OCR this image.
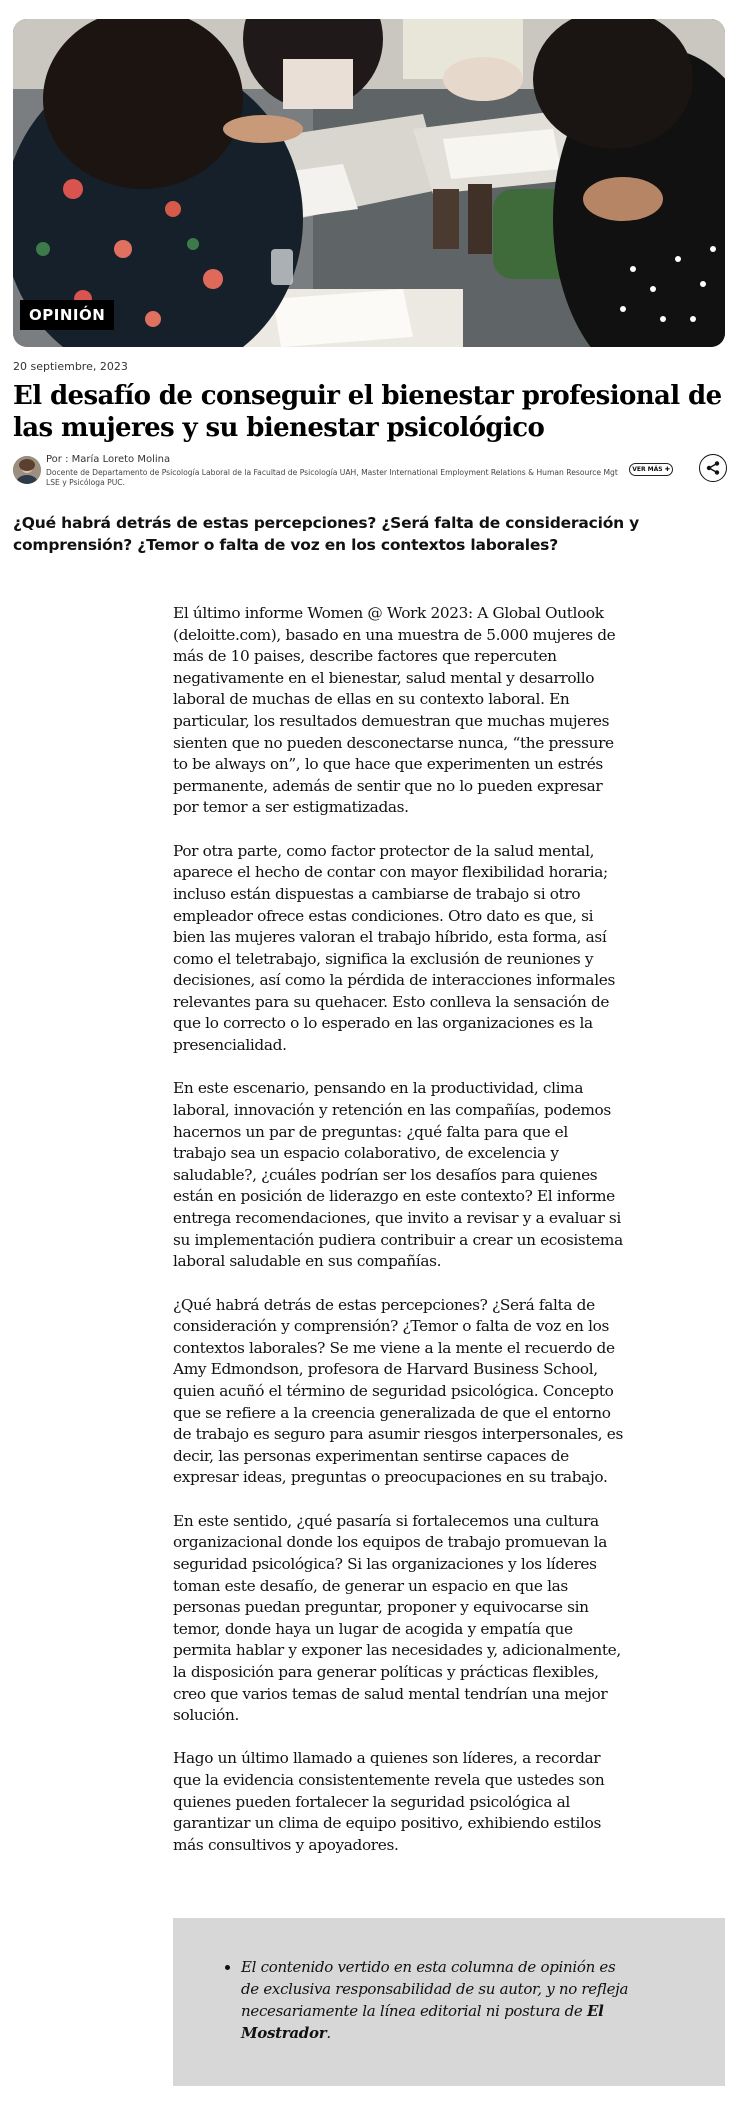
OPINIÓN
20 septiembre, 2023
El desafío de conseguir el bienestar profesional de las mujeres y su bienestar psicológico
Por : María Loreto Molina
Docente de Departamento de Psicología Laboral de la Facultad de Psicología UAH, Master International Employment Relations & Human Resource Mgt LSE y Psicóloga PUC.
VER MÁS ✚

¿Qué habrá detrás de estas percepciones? ¿Será falta de consideración y comprensión? ¿Temor o falta de voz en los contextos laborales?

El último informe Women @ Work 2023: A Global Outlook (deloitte.com), basado en una muestra de 5.000 mujeres de más de 10 paises, describe factores que repercuten negativamente en el bienestar, salud mental y desarrollo laboral de muchas de ellas en su contexto laboral. En particular, los resultados demuestran que muchas mujeres sienten que no pueden desconectarse nunca, “the pressure to be always on”, lo que hace que experimenten un estrés permanente, además de sentir que no lo pueden expresar por temor a ser estigmatizadas.

Por otra parte, como factor protector de la salud mental, aparece el hecho de contar con mayor flexibilidad horaria; incluso están dispuestas a cambiarse de trabajo si otro empleador ofrece estas condiciones. Otro dato es que, si bien las mujeres valoran el trabajo híbrido, esta forma, así como el teletrabajo, significa la exclusión de reuniones y decisiones, así como la pérdida de interacciones informales relevantes para su quehacer. Esto conlleva la sensación de que lo correcto o lo esperado en las organizaciones es la presencialidad.

En este escenario, pensando en la productividad, clima laboral, innovación y retención en las compañías, podemos hacernos un par de preguntas: ¿qué falta para que el trabajo sea un espacio colaborativo, de excelencia y saludable?, ¿cuáles podrían ser los desafíos para quienes están en posición de liderazgo en este contexto? El informe entrega recomendaciones, que invito a revisar y a evaluar si su implementación pudiera contribuir a crear un ecosistema laboral saludable en sus compañías.

¿Qué habrá detrás de estas percepciones? ¿Será falta de consideración y comprensión? ¿Temor o falta de voz en los contextos laborales? Se me viene a la mente el recuerdo de Amy Edmondson, profesora de Harvard Business School, quien acuñó el término de seguridad psicológica. Concepto que se refiere a la creencia generalizada de que el entorno de trabajo es seguro para asumir riesgos interpersonales, es decir, las personas experimentan sentirse capaces de expresar ideas, preguntas o preocupaciones en su trabajo.

En este sentido, ¿qué pasaría si fortalecemos una cultura organizacional donde los equipos de trabajo promuevan la seguridad psicológica? Si las organizaciones y los líderes toman este desafío, de generar un espacio en que las personas puedan preguntar, proponer y equivocarse sin temor, donde haya un lugar de acogida y empatía que permita hablar y exponer las necesidades y, adicionalmente, la disposición para generar políticas y prácticas flexibles, creo que varios temas de salud mental tendrían una mejor solución.

Hago un último llamado a quienes son líderes, a recordar que la evidencia consistentemente revela que ustedes son quienes pueden fortalecer la seguridad psicológica al garantizar un clima de equipo positivo, exhibiendo estilos más consultivos y apoyadores.

• El contenido vertido en esta columna de opinión es de exclusiva responsabilidad de su autor, y no refleja necesariamente la línea editorial ni postura de El Mostrador.
